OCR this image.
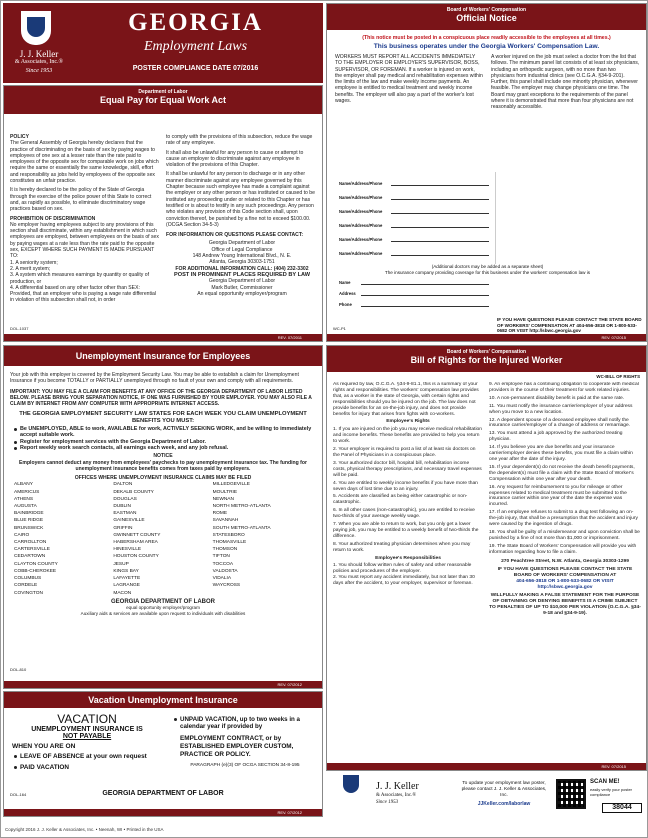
J. J. Keller
& Associates, Inc.®
Since 1953
GEORGIA
Employment Laws
POSTER COMPLIANCE DATE 07/2016
Department of Labor
Equal Pay for Equal Work Act
POLICY
The General Assembly of Georgia hereby declares that the practice of discriminating on the basis of sex by paying wages to employees of one sex at a lesser rate than the rate paid to employees of the opposite sex for comparable work on jobs which require the same or essentially the same knowledge, skill, effort and responsibility as jobs held by employees of the opposite sex constitutes an unfair practice.
It is hereby declared to be the policy of the State of Georgia through the exercise of the police power of this State to correct and, as rapidly as possible, to eliminate discriminatory wage practices based on sex.
PROHIBITION OF DISCRIMINATION
No employer having employees subject to any provisions of this section shall discriminate, within any establishment in which such employees are employed, between employees on the basis of sex by paying wages at a rate less than the rate paid to the opposite sex, EXCEPT WHERE SUCH PAYMENT IS MADE PURSUANT TO:
1. A seniority system;
2. A merit system;
3. A system which measures earnings by quantity or quality of production, or
4. A differential based on any other factor other than SEX: Provided, that an employer who is paying a wage rate differential in violation of this subsection shall not, in order
to comply with the provisions of this subsection, reduce the wage rate of any employee.
It shall also be unlawful for any person to cause or attempt to cause an employer to discriminate against any employee in violation of the provisions of this Chapter.
It shall be unlawful for any person to discharge or in any other manner discriminate against any employee governed by this Chapter because such employee has made a complaint against the employer or any other person or has instituted or caused to be instituted any proceeding under or related to this Chapter or has testified or is about to testify in any such proceedings. Any person who violates any provision of this Code section shall, upon conviction thereof, be punished by a fine not to exceed $100.00. (OCGA Section 34-5-3)
FOR INFORMATION OR QUESTIONS PLEASE CONTACT:
Georgia Department of Labor
Office of Legal Compliance
148 Andrew Young International Blvd., N. E.
Atlanta, Georgia 30303-1751
FOR ADDITIONAL INFORMATION CALL: (404) 232-3302
POST IN PROMINENT PLACES REQUIRED BY LAW
Georgia Department of Labor
Mark Butler, Commissioner
An equal opportunity employer/program
DOL-1037
REV. 07/2011
Board of Workers' Compensation
Official Notice
(This notice must be posted in a conspicuous place readily accessible to the employees at all times.)
This business operates under the Georgia Workers' Compensation Law.
WORKERS MUST REPORT ALL ACCIDENTS IMMEDIATELY TO THE EMPLOYER OR EMPLOYER'S SUPERVISOR, BOSS, SUPERVISOR, OR FOREMAN. If a worker is injured on work, the employer shall pay medical and rehabilitation expenses within the limits of the law and make weekly income payments. An employee is entitled to medical treatment and weekly income benefits. The employer will also pay a part of the worker's lost wages.
A worker injured on the job must select a doctor from the list that follows. The minimum panel list consists of at least six physicians, including an orthopedic surgeon, with no more than two physicians from industrial clinics (see O.C.G.A. §34-9-201). Further, this panel shall include one minority physician, whenever feasible. The employer may change physicians one time. The Board may grant exceptions to the requirements of the panel where it is demonstrated that more than four physicians are not reasonably accessible.
Name/Address/Phone
Name/Address/Phone
Name/Address/Phone
Name/Address/Phone
Name/Address/Phone
Name/Address/Phone
(Additional doctors may be added as a separate sheet)
The insurance company providing coverage for this business under the workers' compensation law is
Name
Address
Phone
IF YOU HAVE QUESTIONS PLEASE CONTACT THE STATE BOARD OF WORKERS' COMPENSATION AT 404-656-3818 OR 1-800-533-0682 OR VISIT http://sbwc.georgia.gov
WC-P1
REV. 07/2015
Unemployment Insurance for Employees
Your job with this employer is covered by the Employment Security Law. You may be able to establish a claim for Unemployment Insurance if you become TOTALLY or PARTIALLY unemployed through no fault of your own and comply with all requirements.
IMPORTANT: YOU MAY FILE A CLAIM FOR BENEFITS AT ANY OFFICE OF THE GEORGIA DEPARTMENT OF LABOR LISTED BELOW. PLEASE BRING YOUR SEPARATION NOTICE, IF ONE WAS FURNISHED BY YOUR EMPLOYER. YOU MAY ALSO FILE A CLAIM BY INTERNET FROM ANY COMPUTER WITH APPROPRIATE INTERNET ACCESS.
THE GEORGIA EMPLOYMENT SECURITY LAW STATES FOR EACH WEEK YOU CLAIM UNEMPLOYMENT BENEFITS YOU MUST:
Be UNEMPLOYED, ABLE to work, AVAILABLE for work, ACTIVELY SEEKING WORK, and be willing to immediately accept suitable work.
Register for employment services with the Georgia Department of Labor.
Report weekly work search contacts, all earnings each week, and any job refusal.
NOTICE
Employers cannot deduct any money from employees' paychecks to pay unemployment insurance tax. The funding for unemployment insurance benefits comes from taxes paid by employers.
OFFICES WHERE UNEMPLOYMENT INSURANCE CLAIMS MAY BE FILED
ALBANY
AMERICUS
ATHENS
AUGUSTA
BAINBRIDGE
BLUE RIDGE
BRUNSWICK
CAIRO
CARROLLTON
CARTERSVILLE
CEDARTOWN
CLAYTON COUNTY
COBB-CHEROKEE
COLUMBUS
CORDELE
COVINGTON
DALTON
DEKALB COUNTY
DOUGLAS
DUBLIN
EASTMAN
GAINESVILLE
GRIFFIN
GWINNETT COUNTY
HABERSHAM AREA
HINESVILLE
HOUSTON COUNTY
JESUP
KINGS BAY
LAFAYETTE
LAGRANGE
MACON
MILLEDGEVILLE
MOULTRIE
NEWNAN
NORTH METRO-ATLANTA
ROME
SAVANNAH
SOUTH METRO-ATLANTA
STATESBORO
THOMASVILLE
THOMSON
TIFTON
TOCCOA
VALDOSTA
VIDALIA
WAYCROSS
GEORGIA DEPARTMENT OF LABOR
equal opportunity employer/program
Auxiliary aids & services are available upon request to individuals with disabilities
DOL-810
REV. 07/2012
Vacation Unemployment Insurance
VACATION
UNEMPLOYMENT INSURANCE IS
NOT PAYABLE
WHEN YOU ARE ON
LEAVE OF ABSENCE at your own request
PAID VACATION
UNPAID VACATION, up to two weeks in a calendar year if provided by
EMPLOYMENT CONTRACT, or by ESTABLISHED EMPLOYER CUSTOM, PRACTICE OR POLICY.
PARAGRAPH (e)(3) OF OCGA SECTION 34-8-195
GEORGIA DEPARTMENT OF LABOR
DOL-164
REV. 07/2012
Board of Workers' Compensation
Bill of Rights for the Injured Worker
WC-BILL OF RIGHTS
As required by law, O.C.G.A. §34-9-81.1, this is a summary of your rights and responsibilities. The workers' compensation law provides that, as a worker in the state of Georgia, with certain rights and responsibilities should you be injured on the job. The law does not provide benefits for an on-the-job injury, and does not provide benefits for injury that arises from fights with co-workers.
Employee's Rights
1. If you are injured on the job you may receive medical rehabilitation and income benefits. These benefits are provided to help you return to work.
2. Your employer is required to post a list of at least six doctors on the Panel of Physicians in a conspicuous place.
3. Your authorized doctor bill, hospital bill, rehabilitation income costs, physical therapy prescriptions, and necessary travel expenses will be paid.
4. You are entitled to weekly income benefits if you have more than seven days of lost time due to an injury.
5. Accidents are classified as being either catastrophic or non-catastrophic.
6. In all other cases (non-catastrophic), you are entitled to receive two-thirds of your average weekly wage.
7. When you are able to return to work, but you only get a lower paying job, you may be entitled to a weekly benefit of two-thirds the difference.
8. Your authorized treating physician determines when you may return to work.
Employee's Responsibilities
1. You should follow written rules of safety and other reasonable policies and procedures of the employer.
2. You must report any accident immediately, but not later than 30 days after the accident, to your employer, supervisor or foreman.
9. An employee has a continuing obligation to cooperate with medical providers in the course of their treatment for work related injuries.
10. A non-permanent disability benefit is paid at the same rate.
11. You must notify the insurance carrier/employer of your address when you move to a new location.
12. A dependent spouse of a deceased employee shall notify the insurance carrier/employer of a change of address or remarriage.
13. You must attend a job approved by the authorized treating physician.
14. If you believe you are due benefits and your insurance carrier/employer denies these benefits, you must file a claim within one year after the date of the injury.
15. If your dependent(s) do not receive the death benefit payments, the dependent(s) must file a claim with the State Board of Worker's Compensation within one year after your death.
16. Any request for reimbursement to you for mileage or other expenses related to medical treatment must be submitted to the insurance carrier within one year of the date the expense was incurred.
17. If an employee refuses to submit to a drug test following an on-the-job injury, that shall be a presumption that the accident and injury were caused by the ingestion of drugs.
18. You shall be guilty of a misdemeanor and upon conviction shall be punished by a fine of not more than $1,000 or imprisonment.
19. The State Board of Workers' Compensation will provide you with information regarding how to file a claim.
270 Peachtree Street, N.W. Atlanta, Georgia 30303-1299
IF YOU HAVE QUESTIONS PLEASE CONTACT THE STATE BOARD OF WORKERS' COMPENSATION AT
404-656-3818 OR 1-800-533-0682 OR VISIT http://sbwc.georgia.gov
WILLFULLY MAKING A FALSE STATEMENT FOR THE PURPOSE OF OBTAINING OR DENYING BENEFITS IS A CRIME SUBJECT TO PENALTIES OF UP TO $10,000 PER VIOLATION (O.C.G.A. §34-9-18 and §34-9-19).
REV. 07/2015
J. J. Keller
& Associates, Inc.®
Since 1953
To update your employment law poster, please contact J. J. Keller & Associates, Inc.
JJKeller.com/laborlaw
SCAN ME!
easily verify your poster compliance
38044
Copyright 2016 J. J. Keller & Associates, Inc. • Neenah, WI • Printed in the USA
